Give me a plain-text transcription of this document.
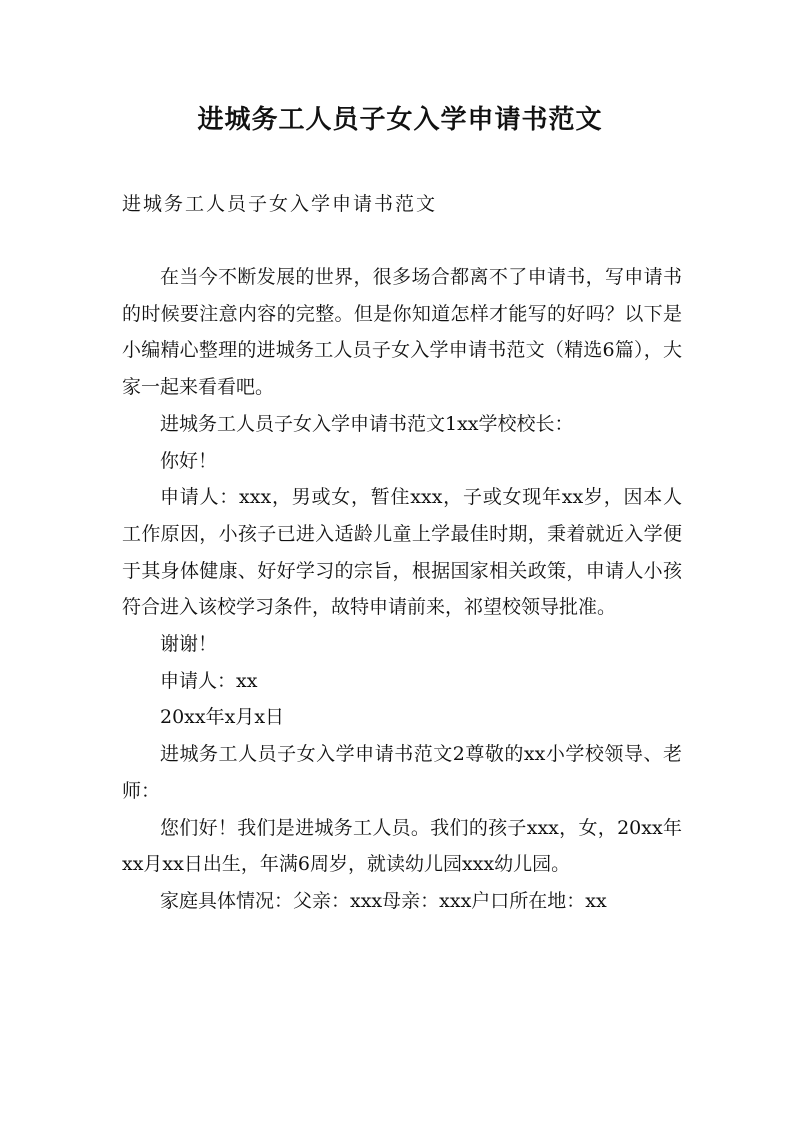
进城务工人员子女入学申请书范文
进城务工人员子女入学申请书范文

在当今不断发展的世界，很多场合都离不了申请书，写申请书的时候要注意内容的完整。但是你知道怎样才能写的好吗？以下是小编精心整理的进城务工人员子女入学申请书范文（精选6篇），大家一起来看看吧。

进城务工人员子女入学申请书范文1xx学校校长：

你好！

申请人：xxx，男或女，暂住xxx，子或女现年xx岁，因本人工作原因，小孩子已进入适龄儿童上学最佳时期，秉着就近入学便于其身体健康、好好学习的宗旨，根据国家相关政策，申请人小孩符合进入该校学习条件，故特申请前来，祁望校领导批准。

谢谢！

申请人：xx

20xx年x月x日

进城务工人员子女入学申请书范文2尊敬的xx小学校领导、老师：

您们好！我们是进城务工人员。我们的孩子xxx，女，20xx年xx月xx日出生，年满6周岁，就读幼儿园xxx幼儿园。

家庭具体情况：父亲：xxx母亲：xxx户口所在地：xx
